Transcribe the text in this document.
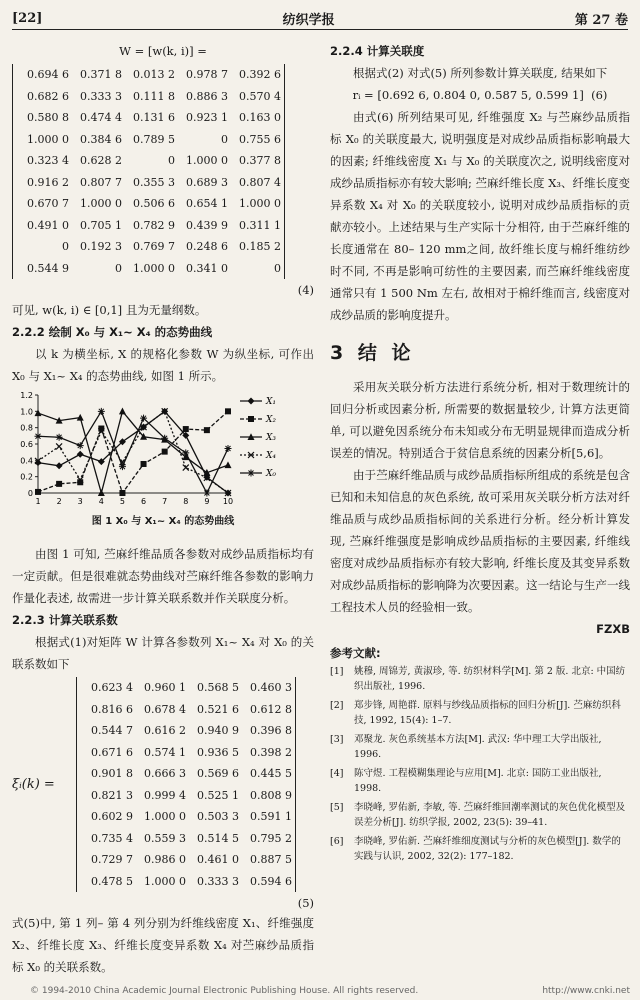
[22]	纺织学报	第 27 卷
W = [w(k, i)] =
0.694 6	0.371 8	0.013 2	0.978 7	0.392 6
0.682 6	0.333 3	0.111 8	0.886 3	0.570 4
0.580 8	0.474 4	0.131 6	0.923 1	0.163 0
1.000 0	0.384 6	0.789 5	0	0.755 6
0.323 4	0.628 2	0	1.000 0	0.377 8
0.916 2	0.807 7	0.355 3	0.689 3	0.807 4
0.670 7	1.000 0	0.506 6	0.654 1	1.000 0
0.491 0	0.705 1	0.782 9	0.439 9	0.311 1
0	0.192 3	0.769 7	0.248 6	0.185 2
0.544 9	0	1.000 0	0.341 0	0
(4)

可见, w(k, i) ∈ [0,1] 且为无量纲数。

2.2.2 绘制 X₀ 与 X₁~ X₄ 的态势曲线

以 k 为横坐标, X 的规格化参数 W 为纵坐标, 可作出 X₀ 与 X₁~ X₄ 的态势曲线, 如图 1 所示。

0
0.2
0.4
0.6
0.8
1.0
1.2
1 2 3 4 5 6 7 8 9 10
X₁
X₂
X₃
X₄
X₀
图 1 X₀ 与 X₁~ X₄ 的态势曲线

由图 1 可知, 苎麻纤维品质各参数对成纱品质指标均有一定贡献。但是很难就态势曲线对苎麻纤维各参数的影响力作量化表述, 故需进一步计算关联系数并作关联度分析。

2.2.3 计算关联系数

根据式(1)对矩阵 W 计算各参数列 X₁~ X₄ 对 X₀ 的关联系数如下

ξᵢ(k) =
0.623 4	0.960 1	0.568 5	0.460 3
0.816 6	0.678 4	0.521 6	0.612 8
0.544 7	0.616 2	0.940 9	0.396 8
0.671 6	0.574 1	0.936 5	0.398 2
0.901 8	0.666 3	0.569 6	0.445 5
0.821 3	0.999 4	0.525 1	0.808 9
0.602 9	1.000 0	0.503 3	0.591 1
0.735 4	0.559 3	0.514 5	0.795 2
0.729 7	0.986 0	0.461 0	0.887 5
0.478 5	1.000 0	0.333 3	0.594 6
(5)

式(5)中, 第 1 列– 第 4 列分别为纤维线密度 X₁、纤维强度 X₂、纤维长度 X₃、纤维长度变异系数 X₄ 对苎麻纱品质指标 X₀ 的关联系数。

2.2.4 计算关联度

根据式(2) 对式(5) 所列参数计算关联度, 结果如下

rᵢ = [0.692 6, 0.804 0, 0.587 5, 0.599 1]  (6)

由式(6) 所列结果可见, 纤维强度 X₂ 与苎麻纱品质指标 X₀ 的关联度最大, 说明强度是对成纱品质指标影响最大的因素; 纤维线密度 X₁ 与 X₀ 的关联度次之, 说明线密度对成纱品质指标亦有较大影响; 苎麻纤维长度 X₃、纤维长度变异系数 X₄ 对 X₀ 的关联度较小, 说明对成纱品质指标的贡献亦较小。上述结果与生产实际十分相符, 由于苎麻纤维的长度通常在 80– 120 mm之间, 故纤维长度与棉纤维纺纱时不同, 不再是影响可纺性的主要因素, 而苎麻纤维线密度通常只有 1 500 Nm 左右, 故相对于棉纤维而言, 线密度对成纱品质的影响度提升。

3 结 论

采用灰关联分析方法进行系统分析, 相对于数理统计的回归分析或因素分析, 所需要的数据量较少, 计算方法更简单, 可以避免因系统分布未知或分布无明显规律而造成分析误差的情况。特别适合于贫信息系统的因素分析[5,6]。

由于苎麻纤维品质与成纱品质指标所组成的系统是包含已知和未知信息的灰色系统, 故可采用灰关联分析方法对纤维品质与成纱品质指标间的关系进行分析。经分析计算发现, 苎麻纤维强度是影响成纱品质指标的主要因素, 纤维线密度对成纱品质指标亦有较大影响, 纤维长度及其变异系数对成纱品质指标的影响降为次要因素。这一结论与生产一线工程技术人员的经验相一致。

FZXB
参考文献:
[1]	姚穆, 周锦芳, 黄淑珍, 等. 纺织材料学[M]. 第 2 版. 北京: 中国纺织出版社, 1996.
[2]	郑步锋, 周艳群. 原料与纱线品质指标的回归分析[J]. 苎麻纺织科技, 1992, 15(4): 1–7.
[3]	邓聚龙. 灰色系统基本方法[M]. 武汉: 华中理工大学出版社, 1996.
[4]	陈守煜. 工程模糊集理论与应用[M]. 北京: 国防工业出版社, 1998.
[5]	李晓峰, 罗佑新, 李敏, 等. 苎麻纤维回潮率测试的灰色优化模型及误差分析[J]. 纺织学报, 2002, 23(5): 39–41.
[6]	李晓峰, 罗佑新. 苎麻纤维细度测试与分析的灰色模型[J]. 数学的实践与认识, 2002, 32(2): 177–182.
© 1994-2010 China Academic Journal Electronic Publishing House. All rights reserved.	http://www.cnki.net
